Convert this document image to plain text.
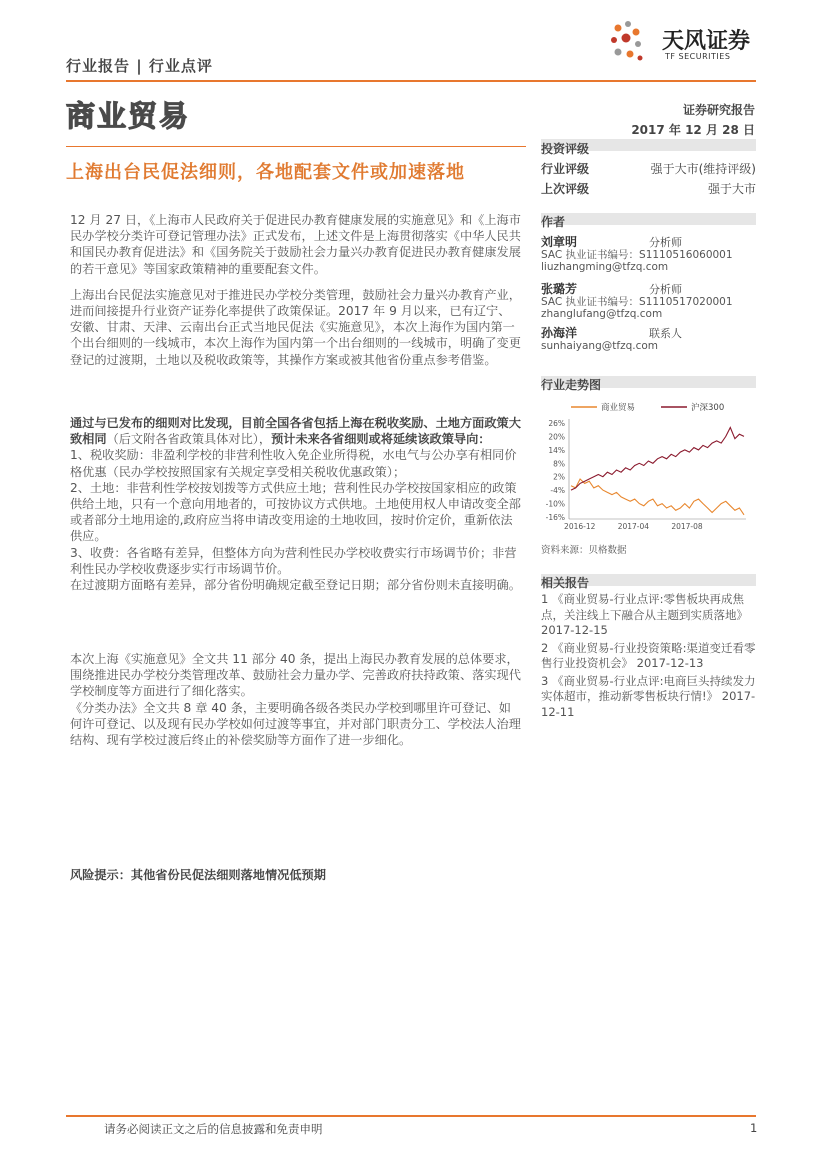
行业报告 | 行业点评
天风证券
TF SECURITIES
商业贸易	证券研究报告
2017 年 12 月 28 日
上海出台民促法细则，各地配套文件或加速落地

12 月 27 日，《上海市人民政府关于促进民办教育健康发展的实施意见》和《上海市民办学校分类许可登记管理办法》正式发布，上述文件是上海贯彻落实《中华人民共和国民办教育促进法》和《国务院关于鼓励社会力量兴办教育促进民办教育健康发展的若干意见》等国家政策精神的重要配套文件。

上海出台民促法实施意见对于推进民办学校分类管理，鼓励社会力量兴办教育产业，进而间接提升行业资产证券化率提供了政策保证。2017 年 9 月以来，已有辽宁、安徽、甘肃、天津、云南出台正式当地民促法《实施意见》，本次上海作为国内第一个出台细则的一线城市，本次上海作为国内第一个出台细则的一线城市，明确了变更登记的过渡期，土地以及税收政策等，其操作方案或被其他省份重点参考借鉴。

通过与已发布的细则对比发现，目前全国各省包括上海在税收奖励、土地方面政策大致相同（后文附各省政策具体对比），预计未来各省细则或将延续该政策导向：

1、税收奖励：非盈利学校的非营利性收入免企业所得税，水电气与公办享有相同价格优惠（民办学校按照国家有关规定享受相关税收优惠政策）；

2、土地：非营利性学校按划拨等方式供应土地；营利性民办学校按国家相应的政策供给土地，只有一个意向用地者的，可按协议方式供地。土地使用权人申请改变全部或者部分土地用途的,政府应当将申请改变用途的土地收回，按时价定价，重新依法供应。

3、收费：各省略有差异，但整体方向为营利性民办学校收费实行市场调节价；非营利性民办学校收费逐步实行市场调节价。

在过渡期方面略有差异，部分省份明确规定截至登记日期；部分省份则未直接明确。

本次上海《实施意见》全文共 11 部分 40 条，提出上海民办教育发展的总体要求，围绕推进民办学校分类管理改革、鼓励社会力量办学、完善政府扶持政策、落实现代学校制度等方面进行了细化落实。

《分类办法》全文共 8 章 40 条，主要明确各级各类民办学校到哪里许可登记、如何许可登记、以及现有民办学校如何过渡等事宜，并对部门职责分工、学校法人治理结构、现有学校过渡后终止的补偿奖励等方面作了进一步细化。

风险提示：其他省份民促法细则落地情况低预期
投资评级
行业评级	强于大市(维持评级)
上次评级	强于大市
作者
刘章明	分析师
SAC 执业证书编号：S1110516060001
liuzhangming@tfzq.com
张璐芳	分析师
SAC 执业证书编号：S1110517020001
zhanglufang@tfzq.com
孙海洋	联系人
sunhaiyang@tfzq.com
行业走势图
商业贸易	沪深300
26%
20%
14%
8%
2%
-4%
-10%
-16%
2016-12	2017-04	2017-08
资料来源：贝格数据
相关报告

1 《商业贸易-行业点评:零售板块再成焦点，关注线上下融合从主题到实质落地》 2017-12-15

2 《商业贸易-行业投资策略:渠道变迁看零售行业投资机会》 2017-12-13

3 《商业贸易-行业点评:电商巨头持续发力实体超市，推动新零售板块行情!》 2017-12-11

请务必阅读正文之后的信息披露和免责申明	1
